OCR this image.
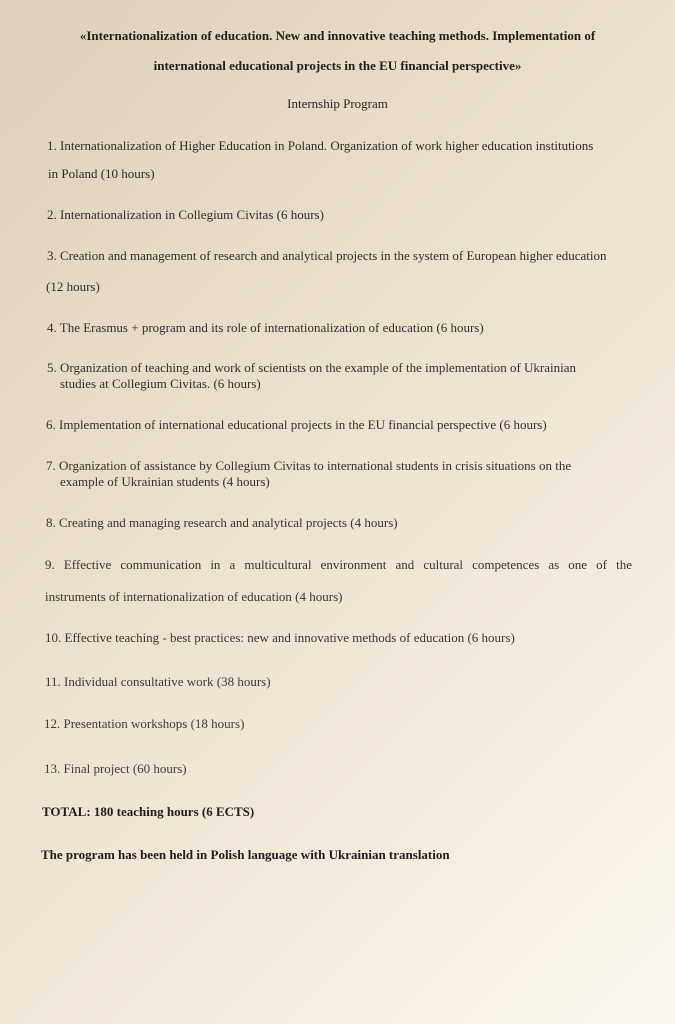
«Internationalization of education. New and innovative teaching methods. Implementation of
international educational projects in the EU financial perspective»
Internship Program
1. Internationalization of Higher Education in Poland. Organization of work higher education institutions
in Poland (10 hours)
2. Internationalization in Collegium Civitas (6 hours)
3. Creation and management of research and analytical projects in the system of European higher education
(12 hours)
4. The Erasmus + program and its role of internationalization of education (6 hours)
5. Organization of teaching and work of scientists on the example of the implementation of Ukrainian
studies at Collegium Civitas. (6 hours)
6. Implementation of international educational projects in the EU financial perspective (6 hours)
7. Organization of assistance by Collegium Civitas to international students in crisis situations on the
example of Ukrainian students (4 hours)
8. Creating and managing research and analytical projects (4 hours)
9. Effective communication in a multicultural environment and cultural competences as one of the
instruments of internationalization of education (4 hours)
10. Effective teaching - best practices: new and innovative methods of education (6 hours)
11. Individual consultative work (38 hours)
12. Presentation workshops (18 hours)
13. Final project (60 hours)
TOTAL: 180 teaching hours (6 ECTS)
The program has been held in Polish language with Ukrainian translation
